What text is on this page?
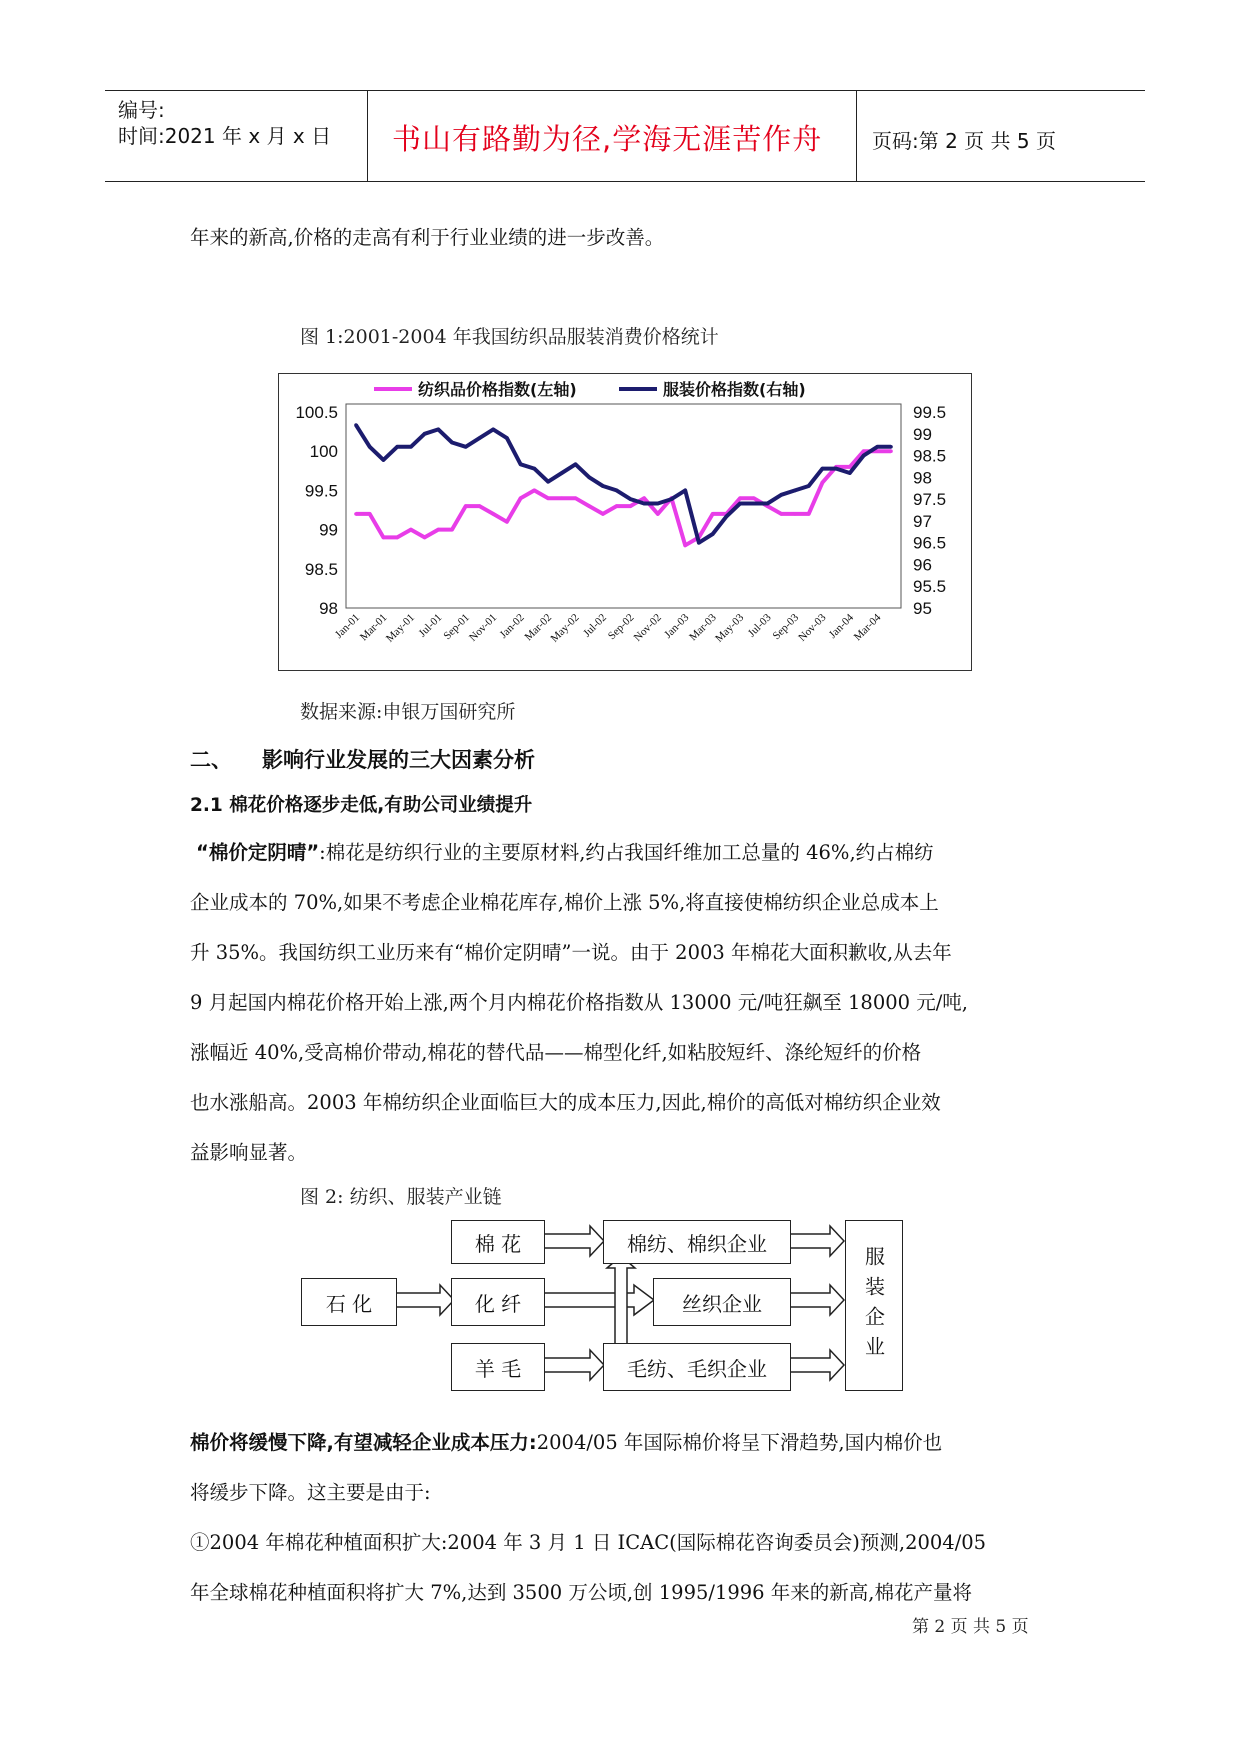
编号:
时间:2021 年 x 月 x 日 书山有路勤为径,学海无涯苦作舟 页码:第 2 页 共 5 页
年来的新高,价格的走高有利于行业业绩的进一步改善。
图 1:2001-2004 年我国纺织品服装消费价格统计
98
98.5
99
99.5
100
100.5
95
95.5
96
96.5
97
97.5
98
98.5
99
99.5
Jan-01
Mar-01
May-01 Jul-01
Sep-01
Nov-01
Jan-02
Mar-02
May-02 Jul-02
Sep-02
Nov-02
Jan-03
Mar-03
May-03 Jul-03
Sep-03
Nov-03
Jan-04
Mar-04
纺织品价格指数(左轴)	服装价格指数(右轴)
数据来源:申银万国研究所
二、 影响行业发展的三大因素分析
2.1 棉花价格逐步走低,有助公司业绩提升
“棉价定阴晴”:棉花是纺织行业的主要原材料,约占我国纤维加工总量的 46%,约占棉纺
企业成本的 70%,如果不考虑企业棉花库存,棉价上涨 5%,将直接使棉纺织企业总成本上
升 35%。我国纺织工业历来有“棉价定阴晴”一说。由于 2003 年棉花大面积歉收,从去年
9 月起国内棉花价格开始上涨,两个月内棉花价格指数从 13000 元/吨狂飙至 18000 元/吨,
涨幅近 40%,受高棉价带动,棉花的替代品——棉型化纤,如粘胶短纤、涤纶短纤的价格
也水涨船高。2003 年棉纺织企业面临巨大的成本压力,因此,棉价的高低对棉纺织企业效
益影响显著。
图 2: 纺织、服装产业链
棉 花
石 化	化 纤
羊 毛
棉纺、棉织企业
丝织企业
毛纺、毛织企业
服装企业
棉价将缓慢下降,有望减轻企业成本压力:2004/05 年国际棉价将呈下滑趋势,国内棉价也
将缓步下降。这主要是由于:
①2004 年棉花种植面积扩大:2004 年 3 月 1 日 ICAC(国际棉花咨询委员会)预测,2004/05
年全球棉花种植面积将扩大 7%,达到 3500 万公顷,创 1995/1996 年来的新高,棉花产量将
第 2 页 共 5 页
